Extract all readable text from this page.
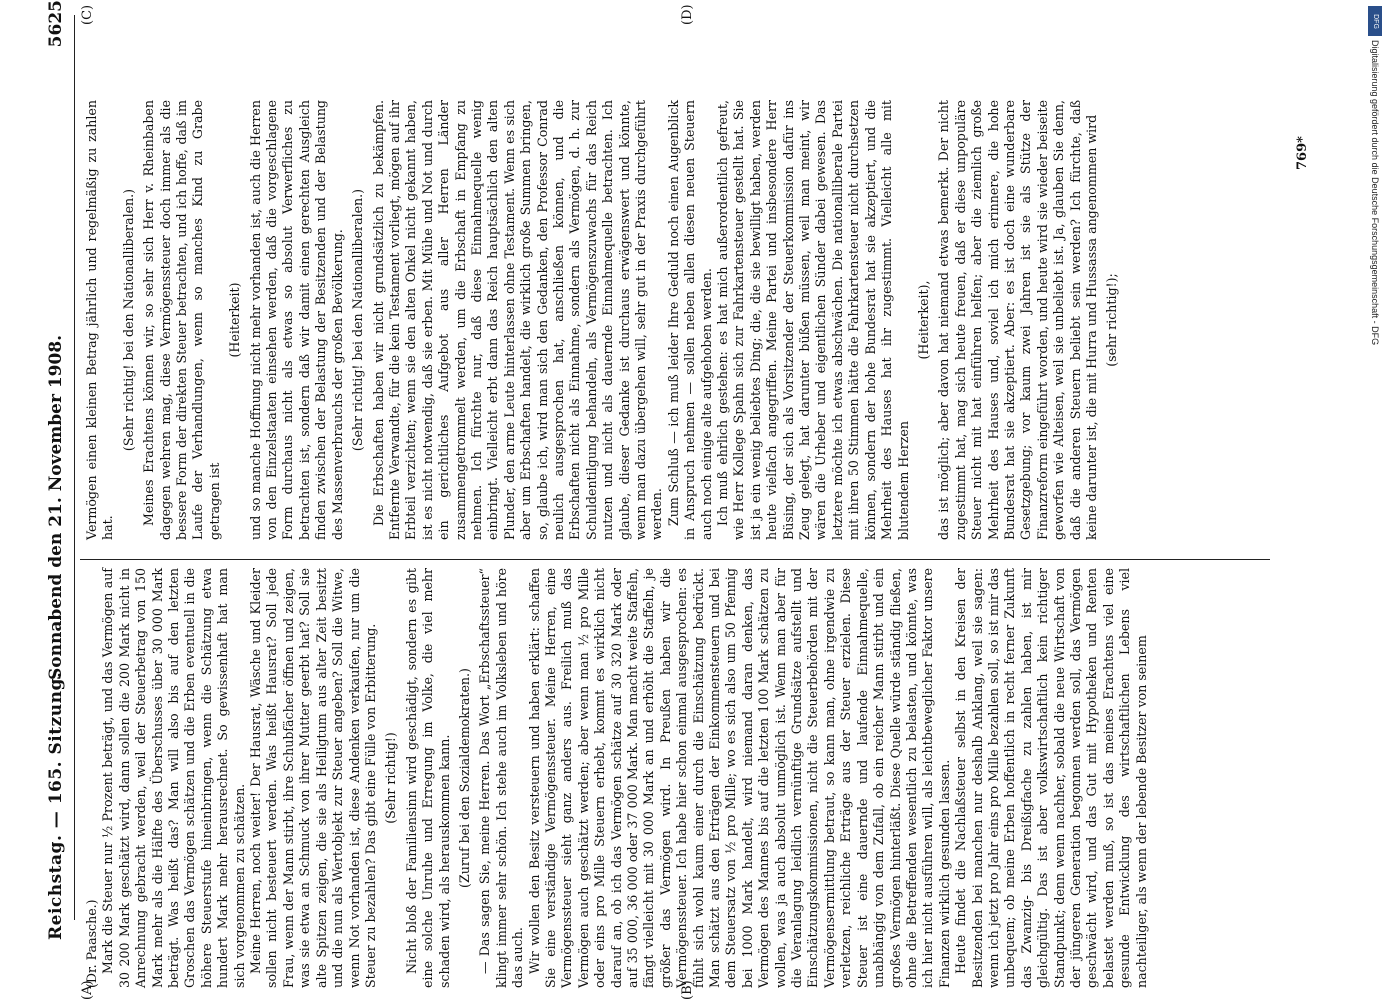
Reichstag. — 165. Sitzung.
Sonnabend den 21. November 1908.
5625
(A)	(B)
(C)	(D)

(Dr. Paasche.) Mark die Steuer nur ½ Prozent beträgt, und das Vermögen auf 30 200 Mark geschätzt wird, dann sollen die 200 Mark nicht in Anrechnung gebracht werden, weil der Steuerbetrag von 150 Mark mehr als die Hälfte des Überschusses über 30 000 Mark beträgt. Was heißt das? Man will also bis auf den letzten Groschen das Vermögen schätzen und die Erben eventuell in die höhere Steuerstufe hineinbringen, wenn die Schätzung etwa hundert Mark mehr herausrechnet. So gewissenhaft hat man sich vorgenommen zu schätzen. Meine Herren, noch weiter! Der Hausrat, Wäsche und Kleider sollen nicht besteuert werden. Was heißt Hausrat? Soll jede Frau, wenn der Mann stirbt, ihre Schubfächer öffnen und zeigen, was sie etwa an Schmuck von ihrer Mutter geerbt hat? Soll sie alte Spitzen zeigen, die sie als Heiligtum aus alter Zeit besitzt und die nun als Wertobjekt zur Steuer angeben? Soll die Witwe, wenn Not vorhanden ist, diese Andenken verkaufen, nur um die Steuer zu bezahlen? Das gibt eine Fülle von Erbitterung. (Sehr richtig!) Nicht bloß der Familiensinn wird geschädigt, sondern es gibt eine solche Unruhe und Erregung im Volke, die viel mehr schaden wird, als herauskommen kann. (Zuruf bei den Sozialdemokraten.) — Das sagen Sie, meine Herren. Das Wort „Erbschaftssteuer“ klingt immer sehr schön. Ich stehe auch im Volksleben und höre das auch. Wir wollen den Besitz versteuern und haben erklärt: schaffen Sie eine verständige Vermögenssteuer. Meine Herren, eine Vermögenssteuer sieht ganz anders aus. Freilich muß das Vermögen auch geschätzt werden; aber wenn man ½ pro Mille oder eins pro Mille Steuern erhebt, kommt es wirklich nicht darauf an, ob ich das Vermögen schätze auf 30 320 Mark oder auf 35 000, 36 000 oder 37 000 Mark. Man macht weite Staffeln, fängt vielleicht mit 30 000 Mark an und erhöht die Staffeln, je größer das Vermögen wird. In Preußen haben wir die Vermögenssteuer. Ich habe hier schon einmal ausgesprochen: es fühlt sich wohl kaum einer durch die Einschätzung bedrückt. Man schätzt aus den Erträgen der Einkommensteuern und bei dem Steuersatz von ½ pro Mille; wo es sich also um 50 Pfennig bei 1000 Mark handelt, wird niemand daran denken, das Vermögen des Mannes bis auf die letzten 100 Mark schätzen zu wollen, was ja auch absolut unmöglich ist. Wenn man aber für die Veranlagung leidlich vernünftige Grundsätze aufstellt und Einschätzungskommissionen, nicht die Steuerbehörden mit der Vermögensermittlung betraut, so kann man, ohne irgendwie zu verletzen, reichliche Erträge aus der Steuer erzielen. Diese Steuer ist eine dauernde und laufende Einnahmequelle, unabhängig von dem Zufall, ob ein reicher Mann stirbt und ein großes Vermögen hinterläßt. Diese Quelle würde ständig fließen, ohne die Betreffenden wesentlich zu belasten, und könnte, was ich hier nicht ausführen will, als leichtbeweglicher Faktor unsere Finanzen wirklich gesunden lassen. Heute findet die Nachlaßsteuer selbst in den Kreisen der Besitzenden bei manchen nur deshalb Anklang, weil sie sagen: wenn ich jetzt pro Jahr eins pro Mille bezahlen soll, so ist mir das unbequem; ob meine Erben hoffentlich in recht ferner Zukunft das Zwanzig- bis Dreißigfache zu zahlen haben, ist mir gleichgültig. Das ist aber volkswirtschaftlich kein richtiger Standpunkt; denn wenn nachher, sobald die neue Wirtschaft von der jüngeren Generation begonnen werden soll, das Vermögen geschwächt wird, und das Gut mit Hypotheken und Renten belastet werden muß, so ist das meines Erachtens viel eine gesunde Entwicklung des wirtschaftlichen Lebens viel nachteiliger, als wenn der lebende Besitzer von seinem

Vermögen einen kleinen Betrag jährlich und regelmäßig zu zahlen hat.

(Sehr richtig! bei den Nationalliberalen.) Meines Erachtens können wir, so sehr sich Herr v. Rheinbaben dagegen wehren mag, diese Vermögenssteuer doch immer als die bessere Form der direkten Steuer betrachten, und ich hoffe, daß im Laufe der Verhandlungen, wenn so manches Kind zu Grabe getragen ist

(Heiterkeit) und so manche Hoffnung nicht mehr vorhanden ist, auch die Herren von den Einzelstaaten einsehen werden, daß die vorgeschlagene Form durchaus nicht als etwas so absolut Verwerfliches zu betrachten ist, sondern daß wir damit einen gerechten Ausgleich finden zwischen der Belastung der Besitzenden und der Belastung des Massenverbrauchs der großen Bevölkerung. (Sehr richtig! bei den Nationalliberalen.) Die Erbschaften haben wir nicht grundsätzlich zu bekämpfen. Entfernte Verwandte, für die kein Testament vorliegt, mögen auf ihr Erbteil verzichten; wenn sie den alten Onkel nicht gekannt haben, ist es nicht notwendig, daß sie erben. Mit Mühe und Not und durch ein gerichtliches Aufgebot aus aller Herren Länder zusammengetrommelt werden, um die Erbschaft in Empfang zu nehmen. Ich fürchte nur, daß diese Einnahmequelle wenig einbringt. Vielleicht erbt dann das Reich hauptsächlich den alten Plunder, den arme Leute hinterlassen ohne Testament. Wenn es sich aber um Erbschaften handelt, die wirklich große Summen bringen, so, glaube ich, wird man sich den Gedanken, den Professor Conrad neulich ausgesprochen hat, anschließen können, und die Erbschaften nicht als Einnahme, sondern als Vermögen, d. h. zur Schuldentilgung behandeln, als Vermögenszuwachs für das Reich nutzen und nicht als dauernde Einnahmequelle betrachten. Ich glaube, dieser Gedanke ist durchaus erwägenswert und könnte, wenn man dazu übergehen will, sehr gut in der Praxis durchgeführt werden. Zum Schluß — ich muß leider Ihre Geduld noch einen Augenblick in Anspruch nehmen — sollen neben allen diesen neuen Steuern auch noch einige alte aufgehoben werden. Ich muß ehrlich gestehen: es hat mich außerordentlich gefreut, wie Herr Kollege Spahn sich zur Fahrkartensteuer gestellt hat. Sie ist ja ein wenig beliebtes Ding; die, die sie bewilligt haben, werden heute vielfach angegriffen. Meine Partei und insbesondere Herr Büsing, der sich als Vorsitzender der Steuerkommission dafür ins Zeug gelegt, hat darunter büßen müssen, weil man meint, wir wären die Urheber und eigentlichen Sünder dabei gewesen. Das letztere möchte ich etwas abschwächen. Die nationalliberale Partei mit ihren 50 Stimmen hätte die Fahrkartensteuer nicht durchsetzen können, sondern der hohe Bundesrat hat sie akzeptiert, und die Mehrheit des Hauses hat ihr zugestimmt. Vielleicht alle mit blutendem Herzen

(Heiterkeit), das ist möglich; aber davon hat niemand etwas bemerkt. Der nicht zugestimmt hat, mag sich heute freuen, daß er diese unpopuläre Steuer nicht mit hat einführen helfen; aber die ziemlich große Mehrheit des Hauses und, soviel ich mich erinnere, die hohe Bundesrat hat sie akzeptiert. Aber: es ist doch eine wunderbare Gesetzgebung; vor kaum zwei Jahren ist sie als Stütze der Finanzreform eingeführt worden, und heute wird sie wieder beiseite geworfen wie Alteisen, weil sie unbeliebt ist. Ja, glauben Sie denn, daß die anderen Steuern beliebt sein werden? Ich fürchte, daß keine darunter ist, die mit Hurra und Hussassa angenommen wird (sehr richtig!);

769*
DFG
Digitalisierung gefördert durch die Deutsche Forschungsgemeinschaft - DFG
